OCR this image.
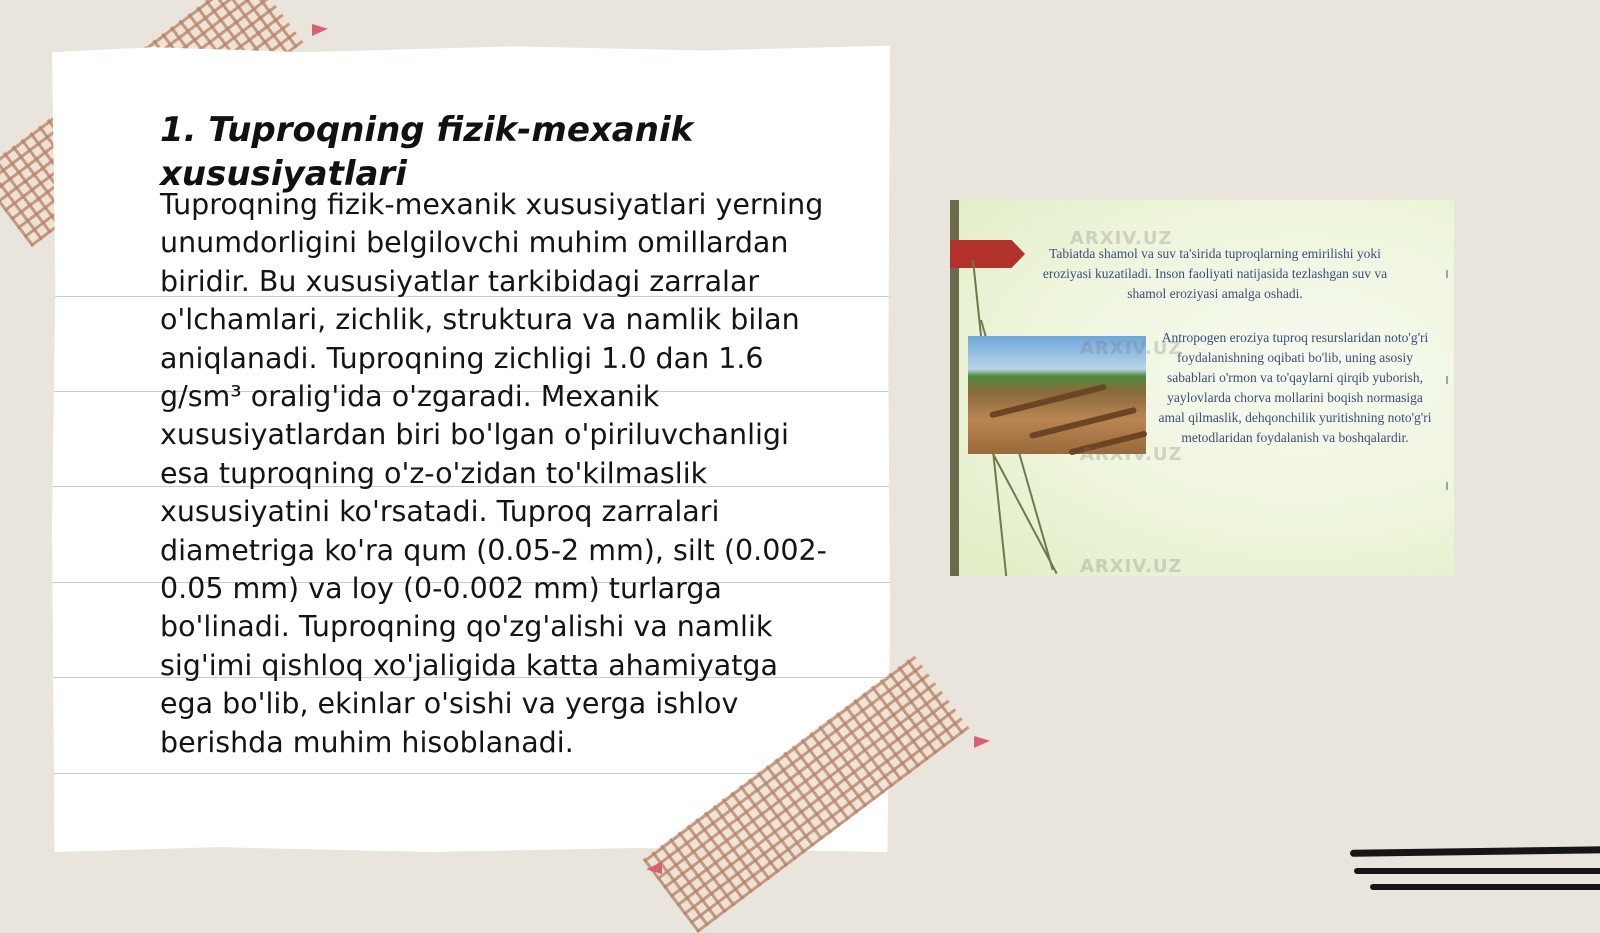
1. Tuproqning fizik-mexanik xususiyatlari

Tuproqning fizik-mexanik xususiyatlari yerning unumdorligini belgilovchi muhim omillardan biridir. Bu xususiyatlar tarkibidagi zarralar o'lchamlari, zichlik, struktura va namlik bilan aniqlanadi. Tuproqning zichligi 1.0 dan 1.6 g/sm³ oralig'ida o'zgaradi. Mexanik xususiyatlardan biri bo'lgan o'piriluvchanligi esa tuproqning o'z-o'zidan to'kilmaslik xususiyatini ko'rsatadi. Tuproq zarralari diametriga ko'ra qum (0.05-2 mm), silt (0.002-0.05 mm) va loy (0-0.002 mm) turlarga bo'linadi. Tuproqning qo'zg'alishi va namlik sig'imi qishloq xo'jaligida katta ahamiyatga ega bo'lib, ekinlar o'sishi va yerga ishlov berishda muhim hisoblanadi.

Tabiatda shamol va suv ta'sirida tuproqlarning emirilishi yoki eroziyasi kuzatiladi. Inson faoliyati natijasida tezlashgan suv va shamol eroziyasi amalga oshadi.
Antropogen eroziya tuproq resurslaridan noto'g'ri foydalanishning oqibati bo'lib, uning asosiy sabablari o'rmon va to'qaylarni qirqib yuborish, yaylovlarda chorva mollarini boqish normasiga amal qilmaslik, dehqonchilik yuritishning noto'g'ri metodlaridan foydalanish va boshqalardir.
ARXIV.UZ
ARXIV.UZ
ARXIV.UZ
ARXIV.UZ
